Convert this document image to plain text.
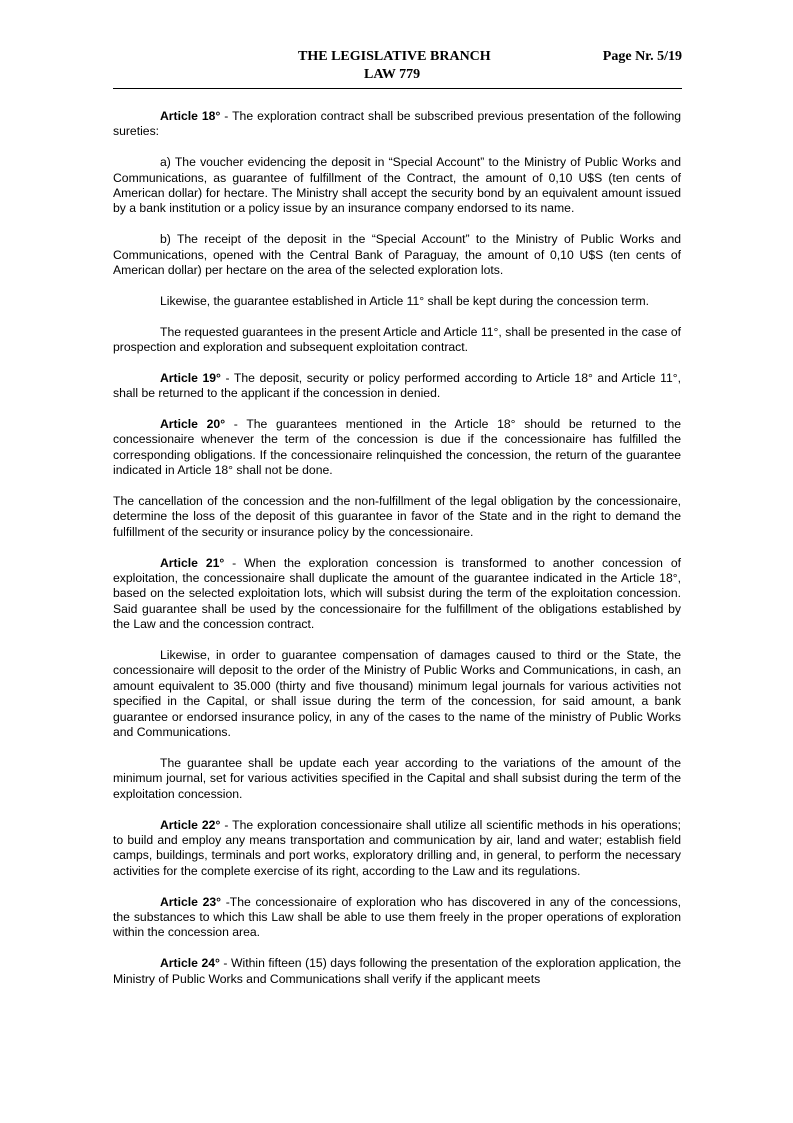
THE LEGISLATIVE BRANCH	Page Nr. 5/19
LAW 779

Article 18° - The exploration contract shall be subscribed previous presentation of the following sureties:

a) The voucher evidencing the deposit in “Special Account” to the Ministry of Public Works and Communications, as guarantee of fulfillment of the Contract, the amount of 0,10 U$S (ten cents of American dollar) for hectare. The Ministry shall accept the security bond by an equivalent amount issued by a bank institution or a policy issue by an insurance company endorsed to its name.

b) The receipt of the deposit in the “Special Account” to the Ministry of Public Works and Communications, opened with the Central Bank of Paraguay, the amount of 0,10 U$S (ten cents of American dollar) per hectare on the area of the selected exploration lots.

Likewise, the guarantee established in Article 11° shall be kept during the concession term.

The requested guarantees in the present Article and Article 11°, shall be presented in the case of prospection and exploration and subsequent exploitation contract.

Article 19° - The deposit, security or policy performed according to Article 18° and Article 11°, shall be returned to the applicant if the concession in denied.

Article 20° - The guarantees mentioned in the Article 18° should be returned to the concessionaire whenever the term of the concession is due if the concessionaire has fulfilled the corresponding obligations. If the concessionaire relinquished the concession, the return of the guarantee indicated in Article 18° shall not be done.

The cancellation of the concession and the non-fulfillment of the legal obligation by the concessionaire, determine the loss of the deposit of this guarantee in favor of the State and in the right to demand the fulfillment of the security or insurance policy by the concessionaire.

Article 21° - When the exploration concession is transformed to another concession of exploitation, the concessionaire shall duplicate the amount of the guarantee indicated in the Article 18°, based on the selected exploitation lots, which will subsist during the term of the exploitation concession. Said guarantee shall be used by the concessionaire for the fulfillment of the obligations established by the Law and the concession contract.

Likewise, in order to guarantee compensation of damages caused to third or the State, the concessionaire will deposit to the order of the Ministry of Public Works and Communications, in cash, an amount equivalent to 35.000 (thirty and five thousand) minimum legal journals for various activities not specified in the Capital, or shall issue during the term of the concession, for said amount, a bank guarantee or endorsed insurance policy, in any of the cases to the name of the ministry of Public Works and Communications.

The guarantee shall be update each year according to the variations of the amount of the minimum journal, set for various activities specified in the Capital and shall subsist during the term of the exploitation concession.

Article 22° - The exploration concessionaire shall utilize all scientific methods in his operations; to build and employ any means transportation and communication by air, land and water; establish field camps, buildings, terminals and port works, exploratory drilling and, in general, to perform the necessary activities for the complete exercise of its right, according to the Law and its regulations.

Article 23° -The concessionaire of exploration who has discovered in any of the concessions, the substances to which this Law shall be able to use them freely in the proper operations of exploration within the concession area.

Article 24° - Within fifteen (15) days following the presentation of the exploration application, the Ministry of Public Works and Communications shall verify if the applicant meets
